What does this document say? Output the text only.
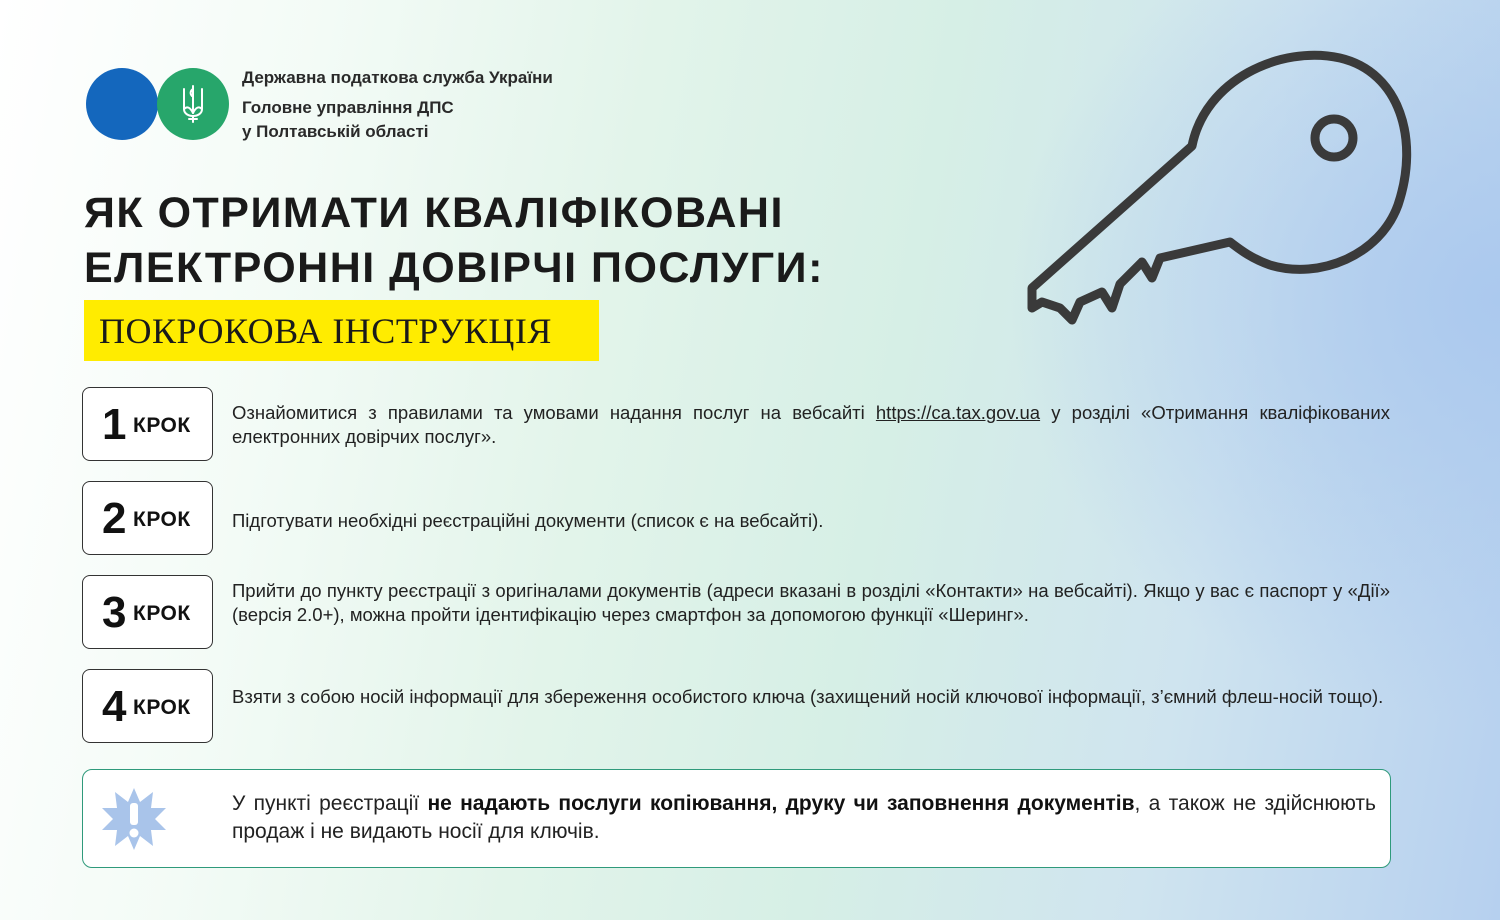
Державна податкова служба України
Головне управління ДПС
у Полтавській області
ЯК ОТРИМАТИ КВАЛІФІКОВАНІ
ЕЛЕКТРОННІ ДОВІРЧІ ПОСЛУГИ:
ПОКРОКОВА ІНСТРУКЦІЯ
1 КРОК
Ознайомитися з правилами та умовами надання послуг на вебсайті https://ca.tax.gov.ua у розділі «Отримання кваліфікованих електронних довірчих послуг».
2 КРОК Підготувати необхідні реєстраційні документи (список є на вебсайті).
3 КРОК
Прийти до пункту реєстрації з оригіналами документів (адреси вказані в розділі «Контакти» на вебсайті). Якщо у вас є паспорт у «Дії» (версія 2.0+), можна пройти ідентифікацію через смартфон за допомогою функції «Шеринг».
4 КРОК Взяти з собою носій інформації для збереження особистого ключа (захищений носій ключової інформації, з’ємний флеш-носій тощо).
У пункті реєстрації не надають послуги копіювання, друку чи заповнення документів, а також не здійснюють продаж і не видають носії для ключів.
